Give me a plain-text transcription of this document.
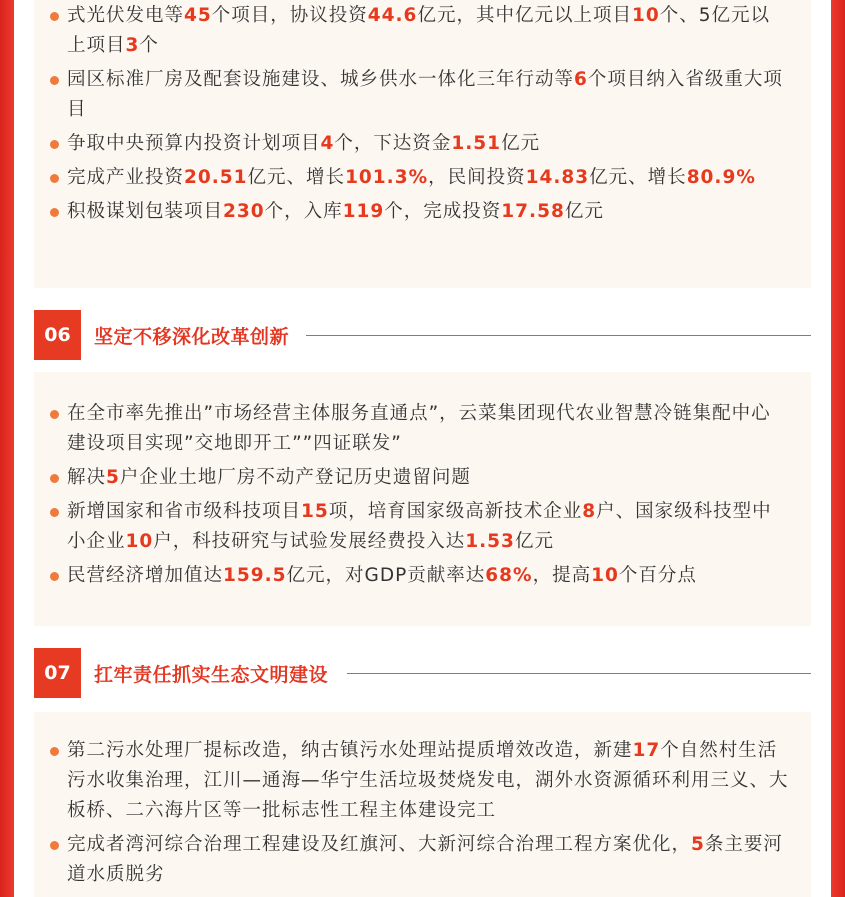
式光伏发电等45个项目，协议投资44.6亿元，其中亿元以上项目10个、5亿元以上项目3个
园区标准厂房及配套设施建设、城乡供水一体化三年行动等6个项目纳入省级重大项目
争取中央预算内投资计划项目4个，下达资金1.51亿元
完成产业投资20.51亿元、增长101.3%，民间投资14.83亿元、增长80.9%
积极谋划包装项目230个，入库119个，完成投资17.58亿元
06	坚定不移深化改革创新
在全市率先推出”市场经营主体服务直通点”，云菜集团现代农业智慧冷链集配中心建设项目实现”交地即开工””四证联发”
解决5户企业土地厂房不动产登记历史遗留问题
新增国家和省市级科技项目15项，培育国家级高新技术企业8户、国家级科技型中小企业10户，科技研究与试验发展经费投入达1.53亿元
民营经济增加值达159.5亿元，对GDP贡献率达68%，提高10个百分点
07	扛牢责任抓实生态文明建设
第二污水处理厂提标改造，纳古镇污水处理站提质增效改造，新建17个自然村生活污水收集治理，江川—通海—华宁生活垃圾焚烧发电，湖外水资源循环利用三义、大板桥、二六海片区等一批标志性工程主体建设完工
完成者湾河综合治理工程建设及红旗河、大新河综合治理工程方案优化，5条主要河道水质脱劣
